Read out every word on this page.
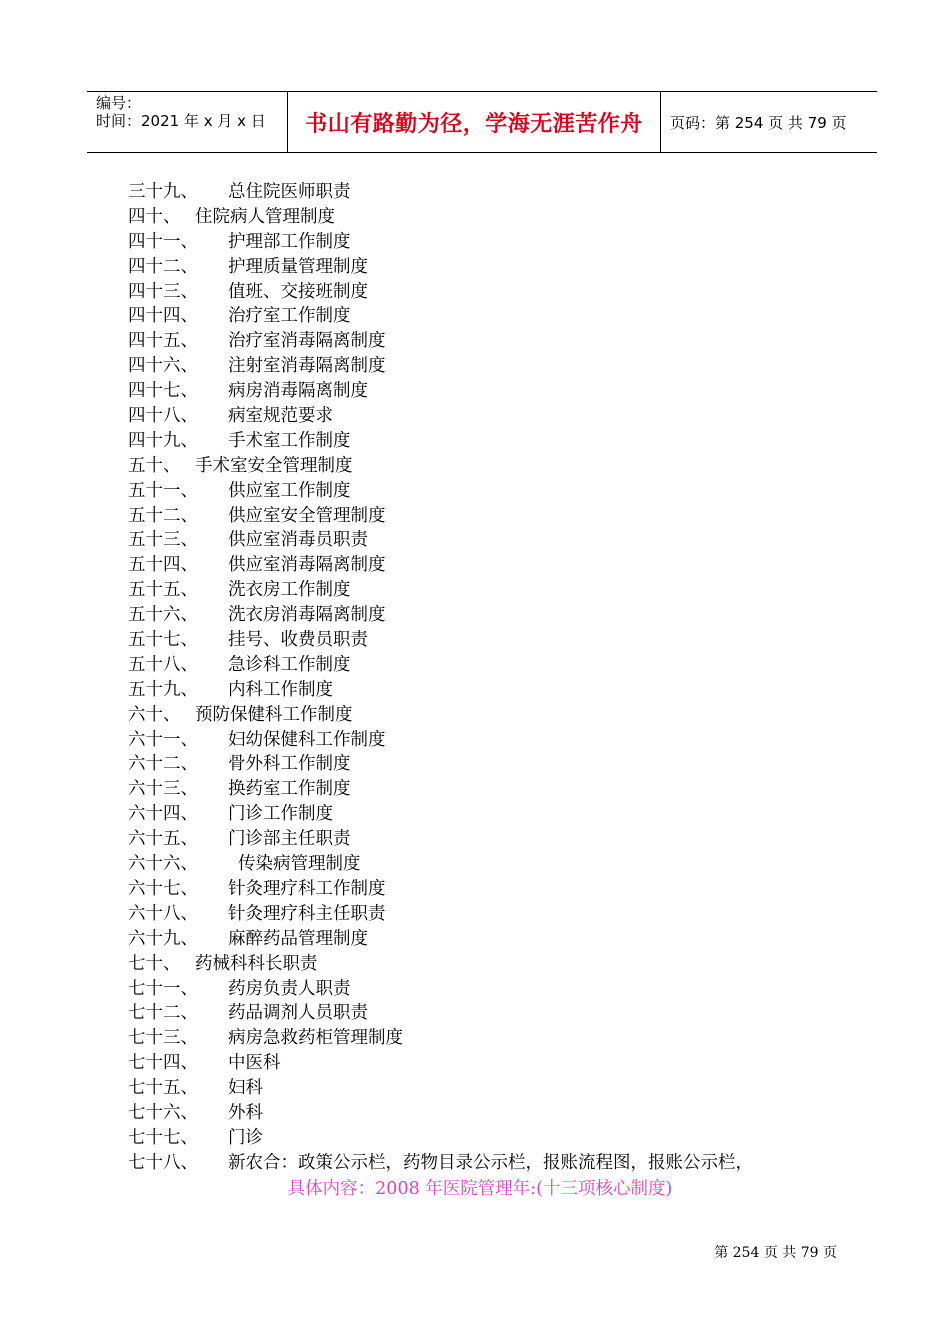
编号：
时间：2021 年 x 月 x 日	书山有路勤为径，学海无涯苦作舟	页码：第 254 页 共 79 页
三十九、	总住院医师职责
四十、 住院病人管理制度
四十一、	护理部工作制度
四十二、	护理质量管理制度
四十三、	值班、交接班制度
四十四、	治疗室工作制度
四十五、	治疗室消毒隔离制度
四十六、	注射室消毒隔离制度
四十七、	病房消毒隔离制度
四十八、	病室规范要求
四十九、	手术室工作制度
五十、 手术室安全管理制度
五十一、	供应室工作制度
五十二、	供应室安全管理制度
五十三、	供应室消毒员职责
五十四、	供应室消毒隔离制度
五十五、	洗衣房工作制度
五十六、	洗衣房消毒隔离制度
五十七、	挂号、收费员职责
五十八、	急诊科工作制度
五十九、	内科工作制度
六十、 预防保健科工作制度
六十一、	妇幼保健科工作制度
六十二、	骨外科工作制度
六十三、	换药室工作制度
六十四、	门诊工作制度
六十五、	门诊部主任职责
六十六、	传染病管理制度
六十七、	针灸理疗科工作制度
六十八、	针灸理疗科主任职责
六十九、	麻醉药品管理制度
七十、 药械科科长职责
七十一、	药房负责人职责
七十二、	药品调剂人员职责
七十三、	病房急救药柜管理制度
七十四、	中医科
七十五、	妇科
七十六、	外科
七十七、	门诊
七十八、	新农合：政策公示栏，药物目录公示栏，报账流程图，报账公示栏，
具体内容：2008 年医院管理年:(十三项核心制度)
第 254 页 共 79 页
